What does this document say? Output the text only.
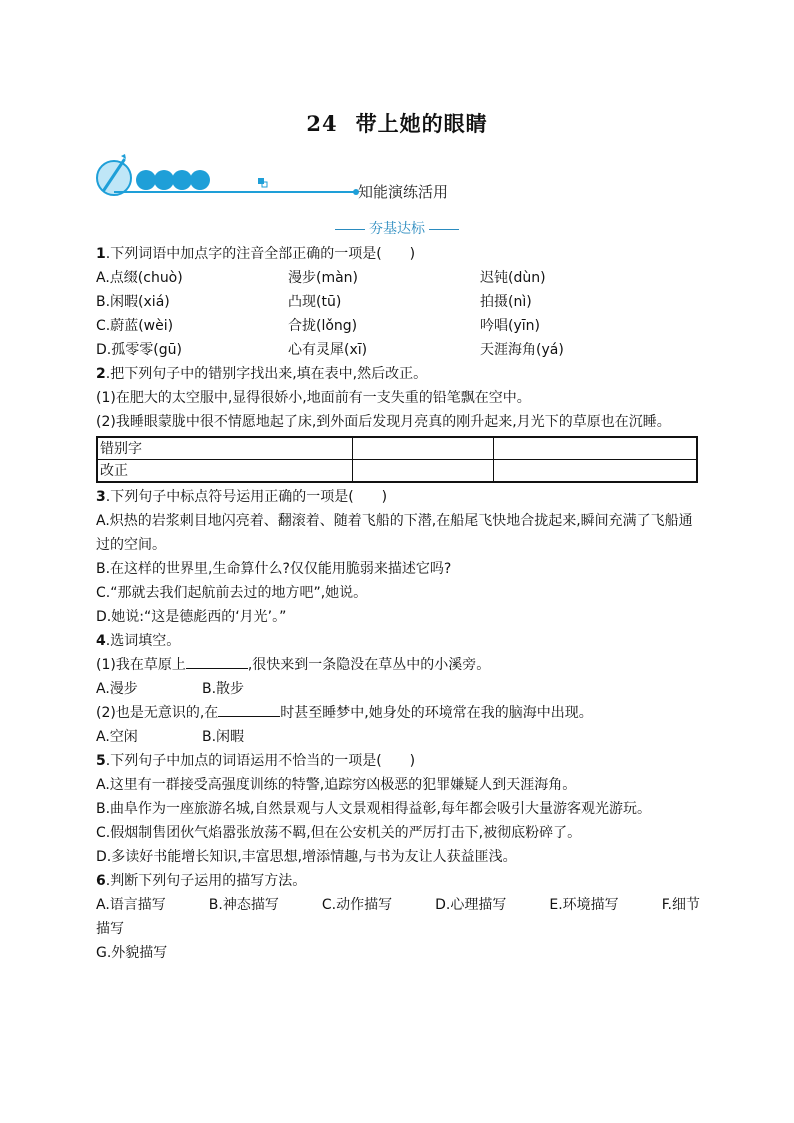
24 带上她的眼睛
知能演练活用
夯基达标

1.下列词语中加点字的注音全部正确的一项是(　　)

A.点缀(chuò)	漫步(màn)	迟钝(dùn)
B.闲暇(xiá)	凸现(tū)	拍摄(nì)
C.蔚蓝(wèi)	合拢(lǒng)	吟唱(yīn)
D.孤零零(gū)	心有灵犀(xī)	天涯海角(yá)

2.把下列句子中的错别字找出来,填在表中,然后改正。

(1)在肥大的太空服中,显得很娇小,地面前有一支失重的铅笔飘在空中。

(2)我睡眼蒙胧中很不情愿地起了床,到外面后发现月亮真的刚升起来,月光下的草原也在沉睡。

错别字		
改正		

3.下列句子中标点符号运用正确的一项是(　　)

A.炽热的岩浆刺目地闪亮着、翻滚着、随着飞船的下潜,在船尾飞快地合拢起来,瞬间充满了飞船通过的空间。

B.在这样的世界里,生命算什么?仅仅能用脆弱来描述它吗?

C.“那就去我们起航前去过的地方吧”,她说。

D.她说:“这是德彪西的‘月光’。”

4.选词填空。

(1)我在草原上	,很快来到一条隐没在草丛中的小溪旁。

A.漫步	B.散步

(2)也是无意识的,在	时甚至睡梦中,她身处的环境常在我的脑海中出现。

A.空闲	B.闲暇

5.下列句子中加点的词语运用不恰当的一项是(　　)

A.这里有一群接受高强度训练的特警,追踪穷凶极恶的犯罪嫌疑人到天涯海角。

B.曲阜作为一座旅游名城,自然景观与人文景观相得益彰,每年都会吸引大量游客观光游玩。

C.假烟制售团伙气焰嚣张放荡不羁,但在公安机关的严厉打击下,被彻底粉碎了。

D.多读好书能增长知识,丰富思想,增添情趣,与书为友让人获益匪浅。

6.判断下列句子运用的描写方法。

A.语言描写	B.神态描写	C.动作描写	D.心理描写	E.环境描写	F.细节

描写

G.外貌描写
